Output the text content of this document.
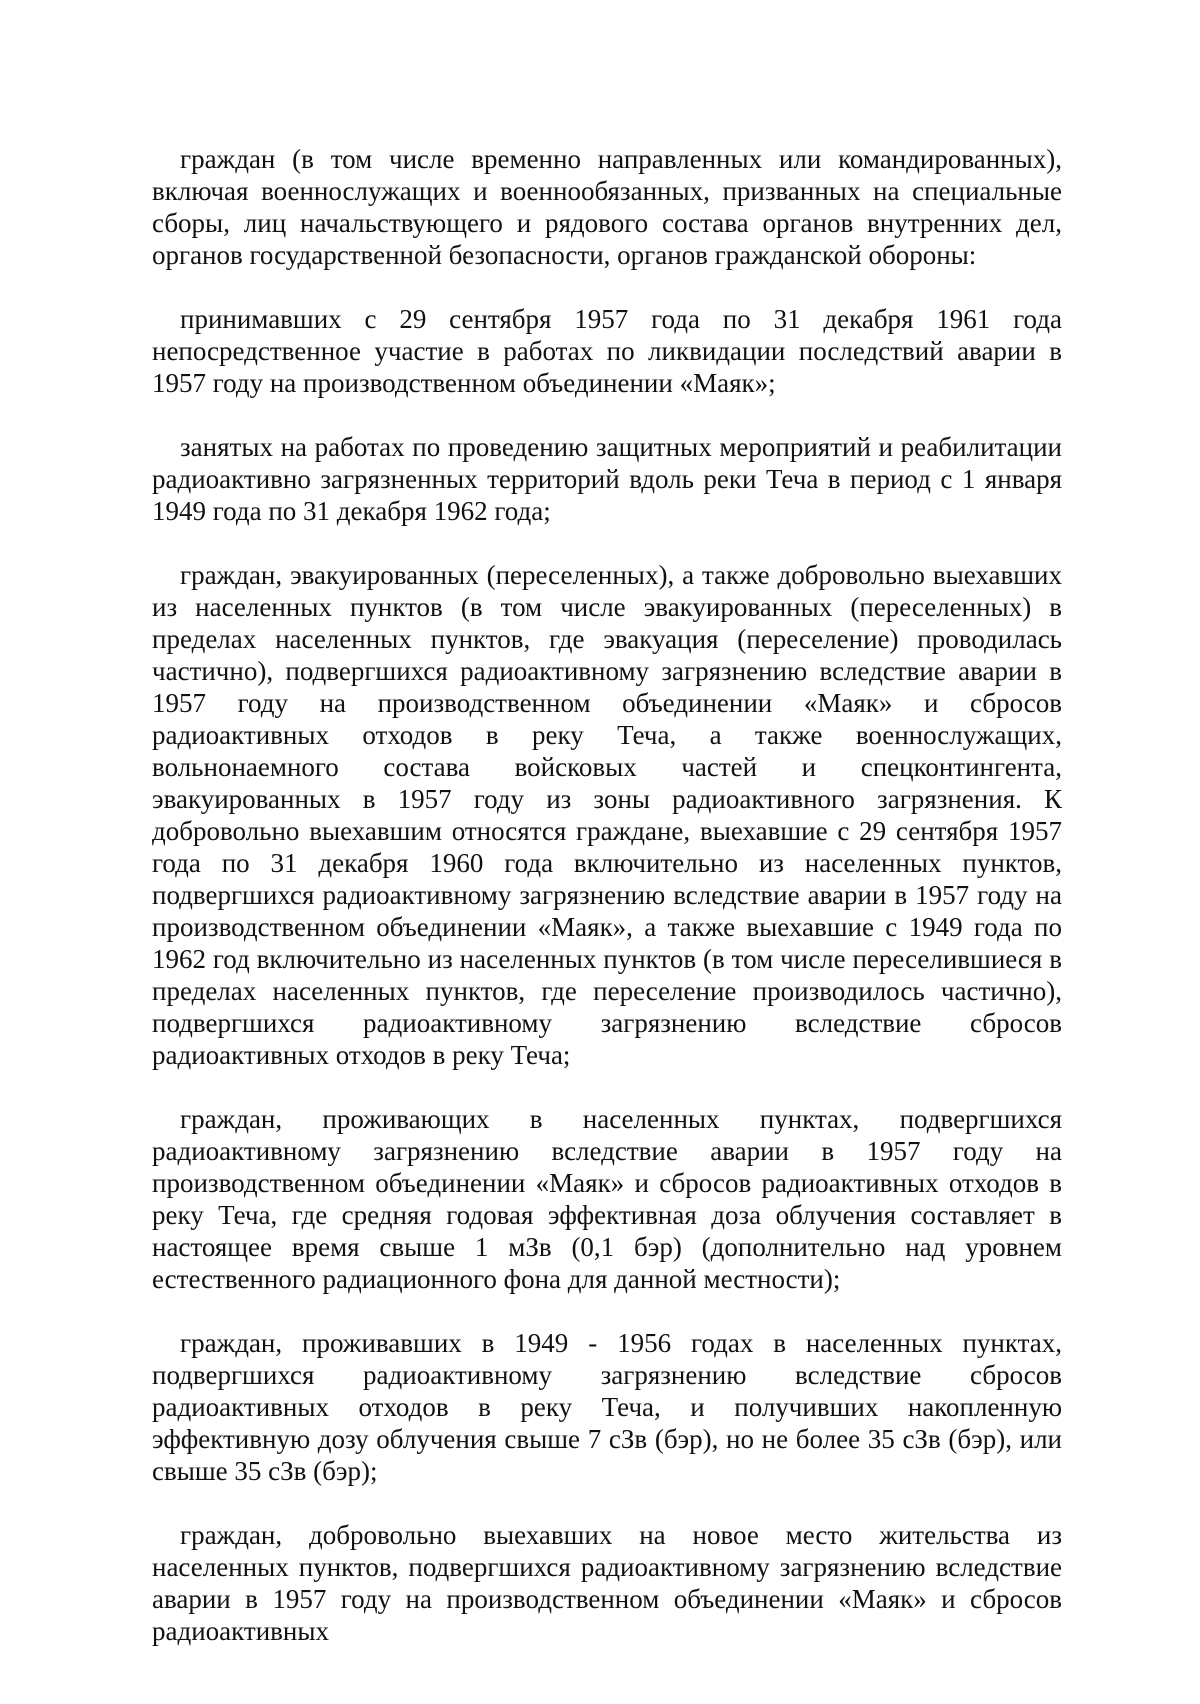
граждан (в том числе временно направленных или командированных), включая военнослужащих и военнообязанных, призванных на специальные сборы, лиц начальствующего и рядового состава органов внутренних дел, органов государственной безопасности, органов гражданской обороны:

принимавших с 29 сентября 1957 года по 31 декабря 1961 года непосредственное участие в работах по ликвидации последствий аварии в 1957 году на производственном объединении «Маяк»;

занятых на работах по проведению защитных мероприятий и реабилитации радиоактивно загрязненных территорий вдоль реки Теча в период с 1 января 1949 года по 31 декабря 1962 года;

граждан, эвакуированных (переселенных), а также добровольно выехавших из населенных пунктов (в том числе эвакуированных (переселенных) в пределах населенных пунктов, где эвакуация (переселение) проводилась частично), подвергшихся радиоактивному загрязнению вследствие аварии в 1957 году на производственном объединении «Маяк» и сбросов радиоактивных отходов в реку Теча, а также военнослужащих, вольнонаемного состава войсковых частей и спецконтингента, эвакуированных в 1957 году из зоны радиоактивного загрязнения. К добровольно выехавшим относятся граждане, выехавшие с 29 сентября 1957 года по 31 декабря 1960 года включительно из населенных пунктов, подвергшихся радиоактивному загрязнению вследствие аварии в 1957 году на производственном объединении «Маяк», а также выехавшие с 1949 года по 1962 год включительно из населенных пунктов (в том числе переселившиеся в пределах населенных пунктов, где переселение производилось частично), подвергшихся радиоактивному загрязнению вследствие сбросов радиоактивных отходов в реку Теча;

граждан, проживающих в населенных пунктах, подвергшихся радиоактивному загрязнению вследствие аварии в 1957 году на производственном объединении «Маяк» и сбросов радиоактивных отходов в реку Теча, где средняя годовая эффективная доза облучения составляет в настоящее время свыше 1 мЗв (0,1 бэр) (дополнительно над уровнем естественного радиационного фона для данной местности);

граждан, проживавших в 1949 - 1956 годах в населенных пунктах, подвергшихся радиоактивному загрязнению вследствие сбросов радиоактивных отходов в реку Теча, и получивших накопленную эффективную дозу облучения свыше 7 сЗв (бэр), но не более 35 сЗв (бэр), или свыше 35 сЗв (бэр);

граждан, добровольно выехавших на новое место жительства из населенных пунктов, подвергшихся радиоактивному загрязнению вследствие аварии в 1957 году на производственном объединении «Маяк» и сбросов радиоактивных
